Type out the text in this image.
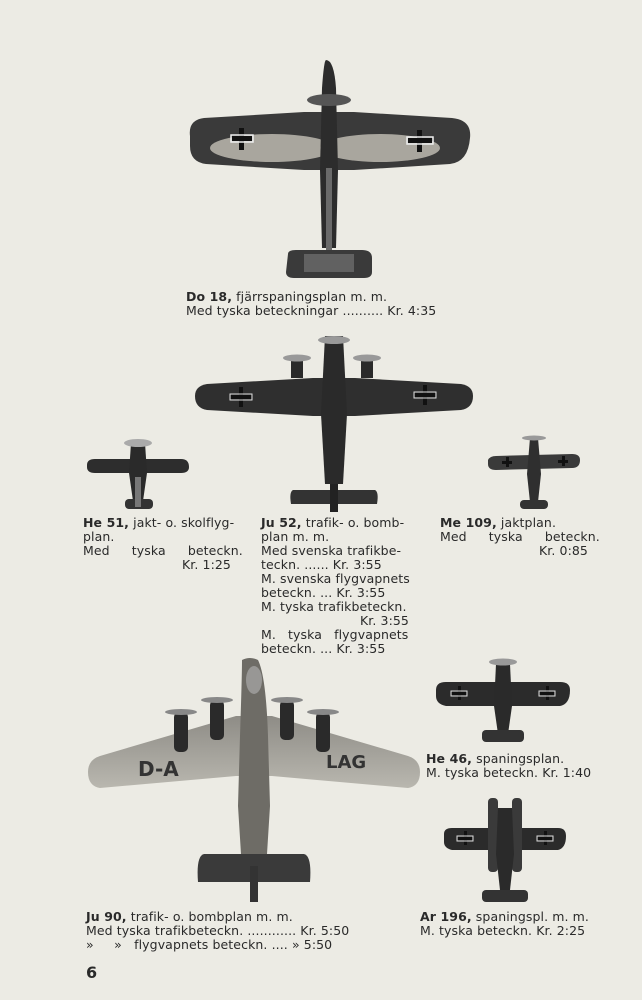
Do 18, fjärrspaningsplan m. m.
Med tyska beteckningar .......... Kr. 4:35
He 51, jakt- o. skolflyg-
plan.
Med tyska beteckn.
Kr. 1:25
Me 109, jaktplan.
Med tyska beteckn.
Kr. 0:85
Ju 52, trafik- o. bomb-
plan m. m.
Med svenska trafikbe-
teckn. ...... Kr. 3:55
M. svenska flygvapnets
beteckn. ... Kr. 3:55
M. tyska trafikbeteckn.
Kr. 3:55
M. tyska flygvapnets
beteckn. ... Kr. 3:55
D-A	LAG
Ju 90, trafik- o. bombplan m. m.
Med tyska trafikbeteckn. ............ Kr. 5:50
»     »   flygvapnets beteckn. .... » 5:50
He 46, spaningsplan.
M. tyska beteckn. Kr. 1:40
Ar 196, spaningspl. m. m.
M. tyska beteckn. Kr. 2:25
6
